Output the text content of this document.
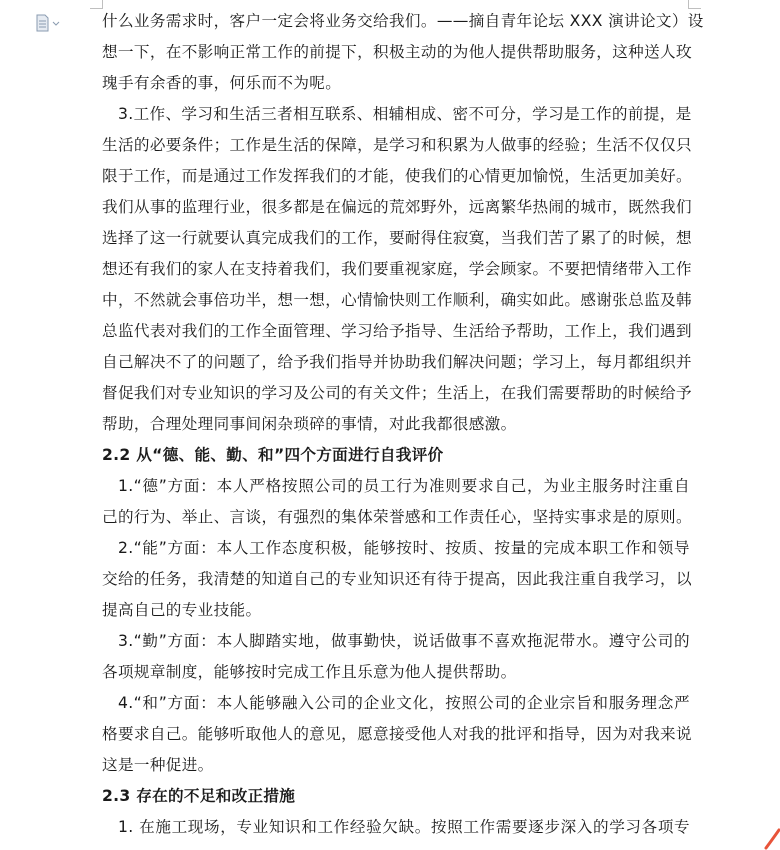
什么业务需求时，客户一定会将业务交给我们。——摘自青年论坛 XXX 演讲论文）设
想一下，在不影响正常工作的前提下，积极主动的为他人提供帮助服务，这种送人玫
瑰手有余香的事，何乐而不为呢。
3.工作、学习和生活三者相互联系、相辅相成、密不可分，学习是工作的前提，是
生活的必要条件；工作是生活的保障，是学习和积累为人做事的经验；生活不仅仅只
限于工作，而是通过工作发挥我们的才能，使我们的心情更加愉悦，生活更加美好。
我们从事的监理行业，很多都是在偏远的荒郊野外，远离繁华热闹的城市，既然我们
选择了这一行就要认真完成我们的工作，要耐得住寂寞，当我们苦了累了的时候，想
想还有我们的家人在支持着我们，我们要重视家庭，学会顾家。不要把情绪带入工作
中，不然就会事倍功半，想一想，心情愉快则工作顺利，确实如此。感谢张总监及韩
总监代表对我们的工作全面管理、学习给予指导、生活给予帮助，工作上，我们遇到
自己解决不了的问题了，给予我们指导并协助我们解决问题；学习上，每月都组织并
督促我们对专业知识的学习及公司的有关文件；生活上，在我们需要帮助的时候给予
帮助，合理处理同事间闲杂琐碎的事情，对此我都很感激。
2.2 从“德、能、勤、和”四个方面进行自我评价
1.“德”方面：本人严格按照公司的员工行为准则要求自己，为业主服务时注重自
己的行为、举止、言谈，有强烈的集体荣誉感和工作责任心，坚持实事求是的原则。
2.“能”方面：本人工作态度积极，能够按时、按质、按量的完成本职工作和领导
交给的任务，我清楚的知道自己的专业知识还有待于提高，因此我注重自我学习，以
提高自己的专业技能。
3.“勤”方面：本人脚踏实地，做事勤快，说话做事不喜欢拖泥带水。遵守公司的
各项规章制度，能够按时完成工作且乐意为他人提供帮助。
4.“和”方面：本人能够融入公司的企业文化，按照公司的企业宗旨和服务理念严
格要求自己。能够听取他人的意见，愿意接受他人对我的批评和指导，因为对我来说
这是一种促进。
2.3 存在的不足和改正措施
1. 在施工现场，专业知识和工作经验欠缺。按照工作需要逐步深入的学习各项专
